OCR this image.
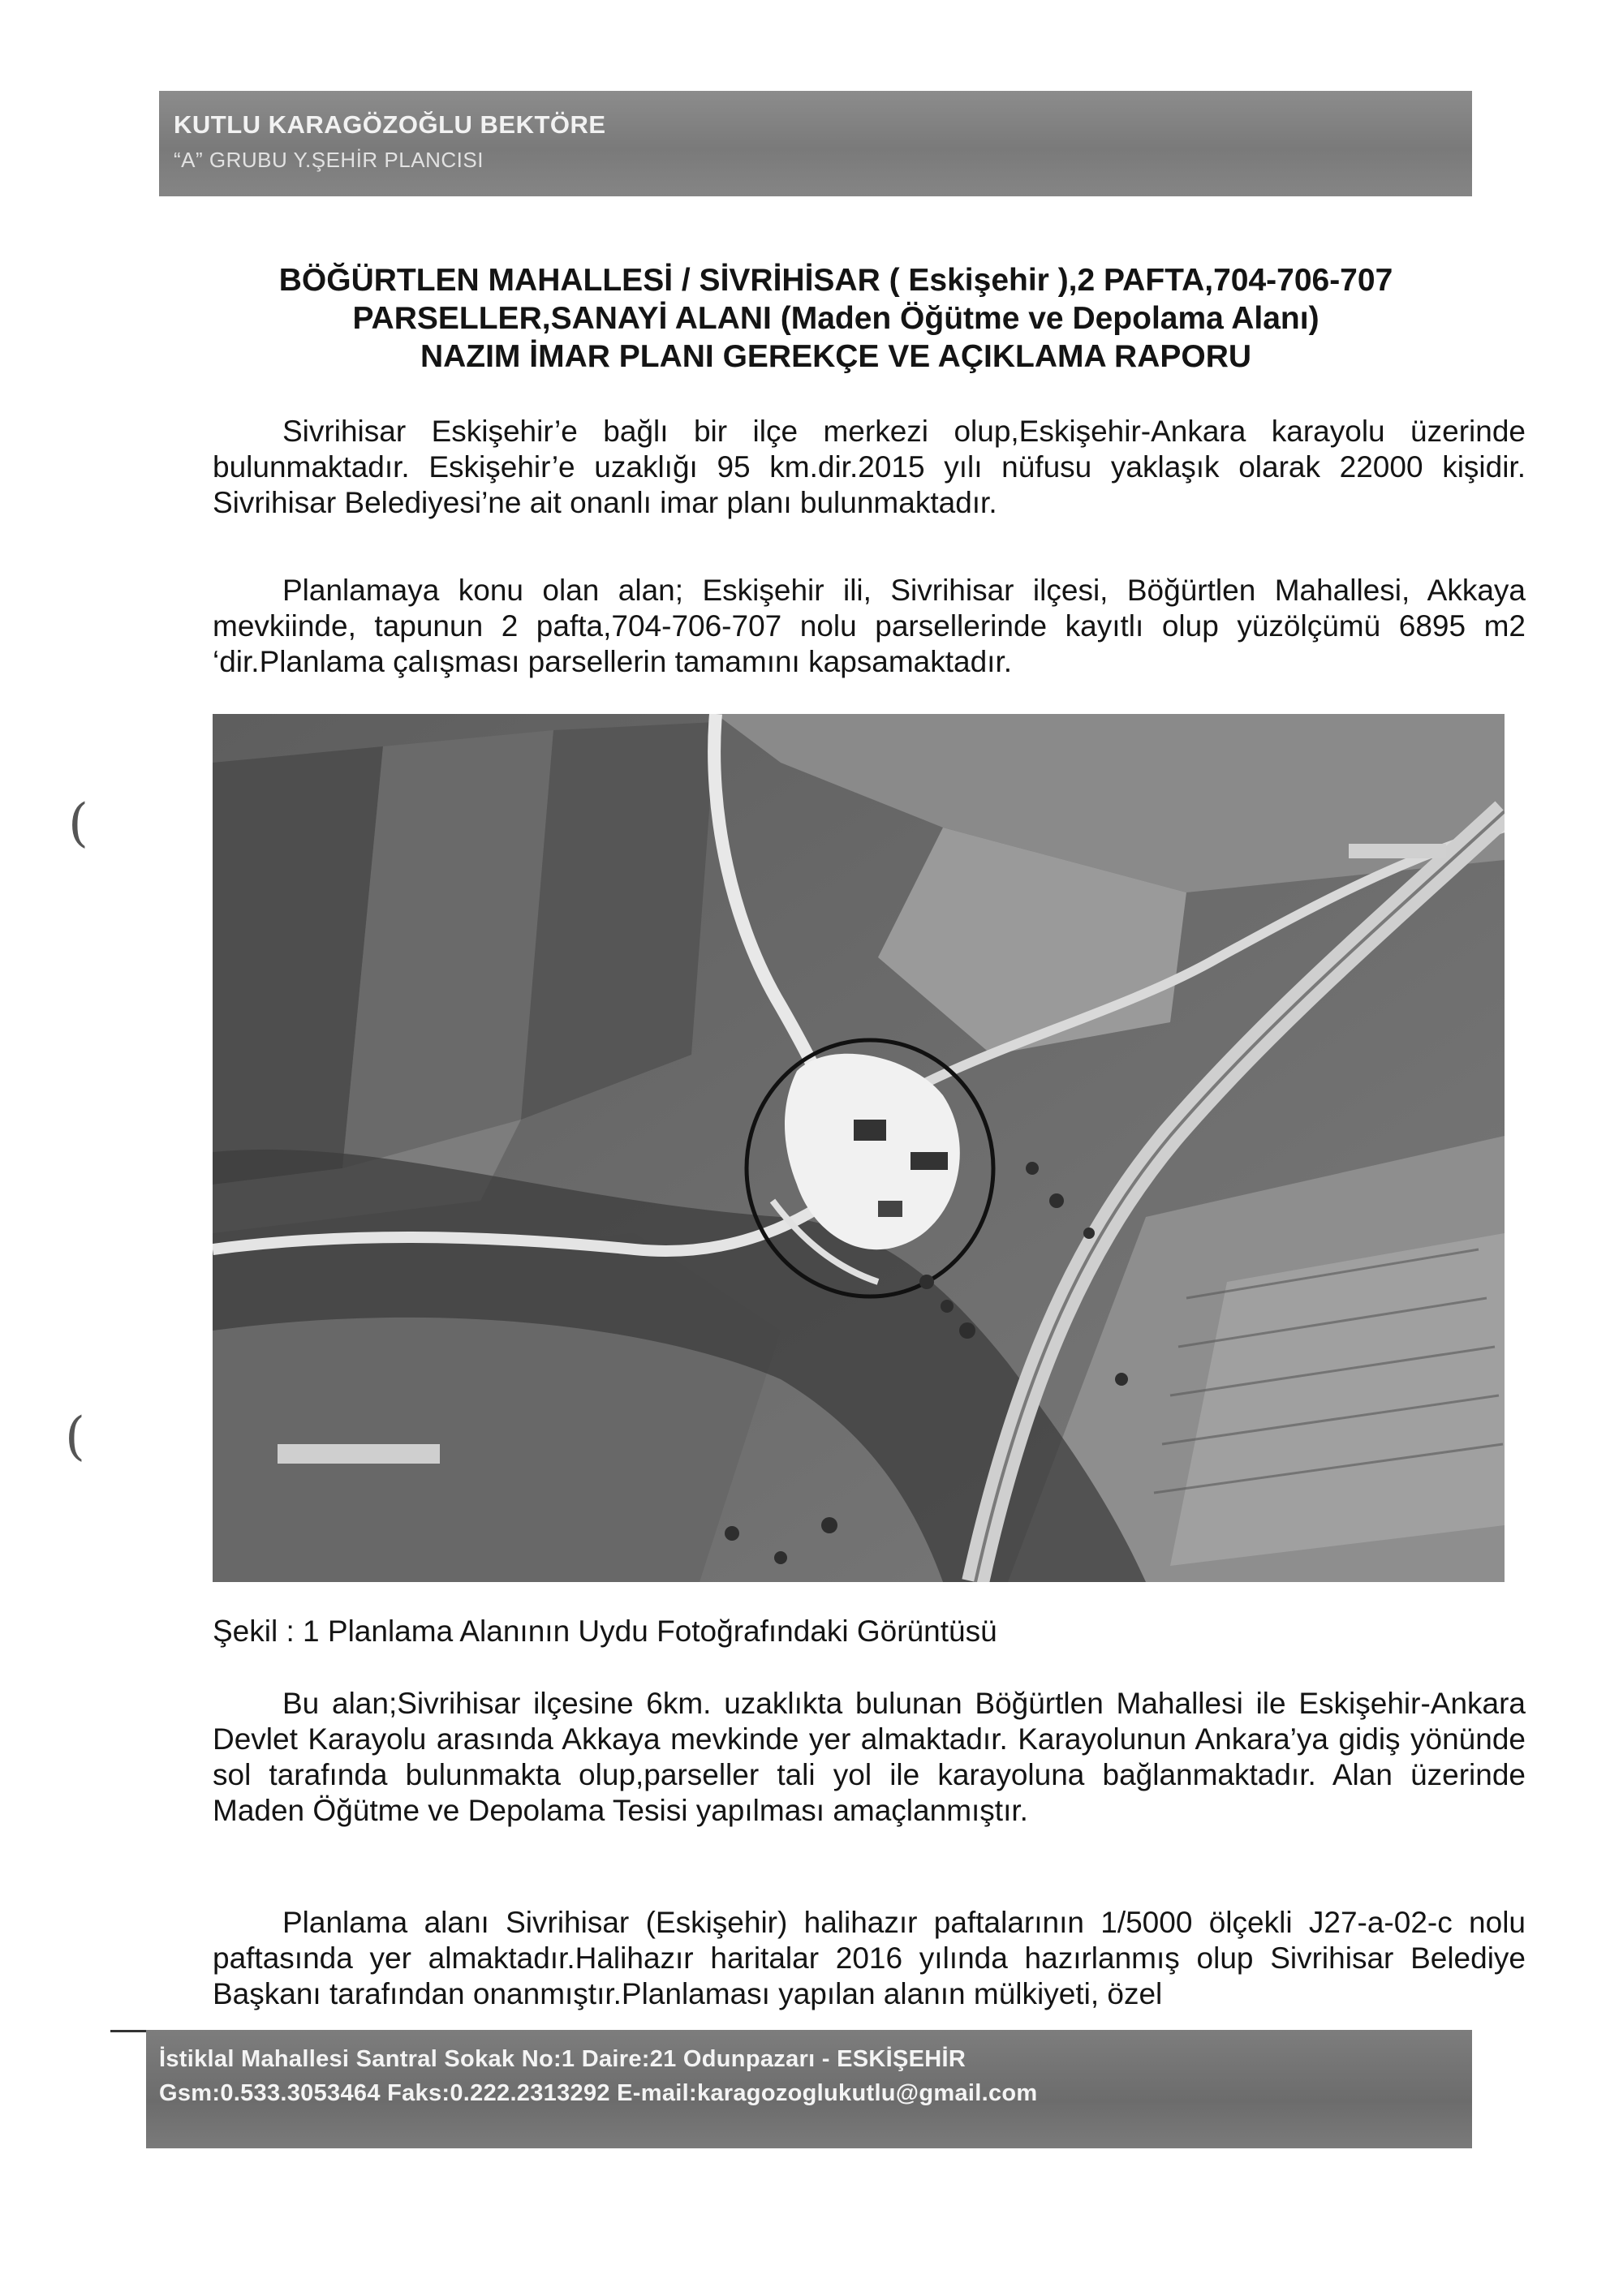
KUTLU KARAGÖZOĞLU BEKTÖRE
“A” GRUBU Y.ŞEHİR PLANCISI
BÖĞÜRTLEN MAHALLESİ / SİVRİHİSAR ( Eskişehir ),2 PAFTA,704-706-707
PARSELLER,SANAYİ ALANI (Maden Öğütme ve Depolama Alanı)
NAZIM İMAR PLANI GEREKÇE VE AÇIKLAMA RAPORU
Sivrihisar Eskişehir’e bağlı bir ilçe merkezi olup,Eskişehir-Ankara karayolu üzerinde bulunmaktadır. Eskişehir’e uzaklığı 95 km.dir.2015 yılı nüfusu yaklaşık olarak 22000 kişidir. Sivrihisar Belediyesi’ne ait onanlı imar planı bulunmaktadır.
Planlamaya konu olan alan; Eskişehir ili, Sivrihisar ilçesi, Böğürtlen Mahallesi, Akkaya mevkiinde, tapunun 2 pafta,704-706-707 nolu parsellerinde kayıtlı olup yüzölçümü 6895 m2 ‘dir.Planlama çalışması parsellerin tamamını kapsamaktadır.
Şekil : 1 Planlama Alanının Uydu Fotoğrafındaki Görüntüsü
Bu alan;Sivrihisar ilçesine 6km. uzaklıkta bulunan Böğürtlen Mahallesi ile Eskişehir-Ankara Devlet Karayolu arasında Akkaya mevkinde yer almaktadır. Karayolunun Ankara’ya gidiş yönünde sol tarafında bulunmakta olup,parseller tali yol ile karayoluna bağlanmaktadır. Alan üzerinde Maden Öğütme ve Depolama Tesisi yapılması amaçlanmıştır.
Planlama alanı Sivrihisar (Eskişehir) halihazır paftalarının 1/5000 ölçekli J27-a-02-c nolu paftasında yer almaktadır.Halihazır haritalar 2016 yılında hazırlanmış olup Sivrihisar Belediye Başkanı tarafından onanmıştır.Planlaması yapılan alanın mülkiyeti, özel
İstiklal Mahallesi Santral Sokak No:1 Daire:21 Odunpazarı - ESKİŞEHİR
Gsm:0.533.3053464 Faks:0.222.2313292 E-mail:karagozoglukutlu@gmail.com
(
(
